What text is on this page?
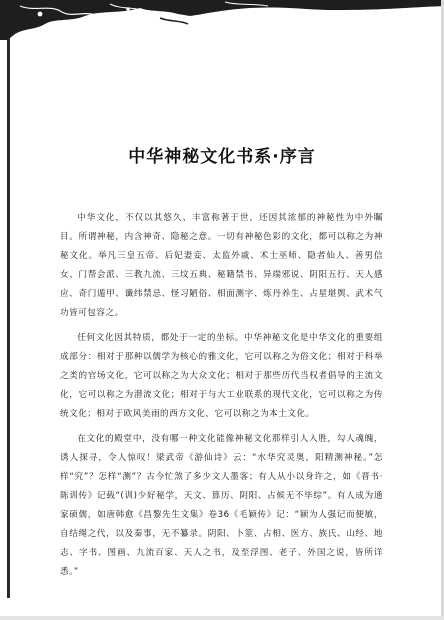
中华神秘文化书系·序言

中华文化，不仅以其悠久、丰富称著于世，还因其浓郁的神秘性为中外瞩目。所谓神秘，内含神奇、隐秘之意。一切有神秘色彩的文化，都可以称之为神秘文化。举凡三皇五帝、后妃妻妾、太监外戚、术士巫师、隐者仙人、善男信女、门帮会派、三教九流、三坟五典、秘籍禁书、异端邪说、阴阳五行、天人感应、奇门遁甲、谶纬禁忌、怪习陋俗、相面测字、炼丹养生、占星堪舆、武术气功皆可包容之。

任何文化因其特质，都处于一定的坐标。中华神秘文化是中华文化的重要组成部分：相对于那种以儒学为核心的雅文化，它可以称之为俗文化；相对于科举之类的官场文化，它可以称之为大众文化；相对于那些历代当权者倡导的主流文化，它可以称之为潜流文化；相对于与大工业联系的现代文化，它可以称之为传统文化；相对于欧风美雨的西方文化，它可以称之为本土文化。

在文化的殿堂中，没有哪一种文化能像神秘文化那样引人入胜，勾人魂魄，诱人探寻，令人惊叹！梁武帝《游仙诗》云：“水华究灵奥，阳精测神秘。”怎样“究”？怎样“测”？古今忙煞了多少文人墨客；有人从小以身许之，如《晋书·陈训传》记载“(训)少好秘学，天文、算历、阴阳、占候无不毕综”。有人成为通家硕儒，如唐韩愈《昌黎先生文集》卷36《毛颖传》记：“颖为人强记而便敏，自结绳之代，以及秦事，无不纂录。阴阳、卜筮、占相、医方、族氏、山经、地志、字书、图画、九流百家、天人之书，及至浮图、老子、外国之说，皆所详悉。”
